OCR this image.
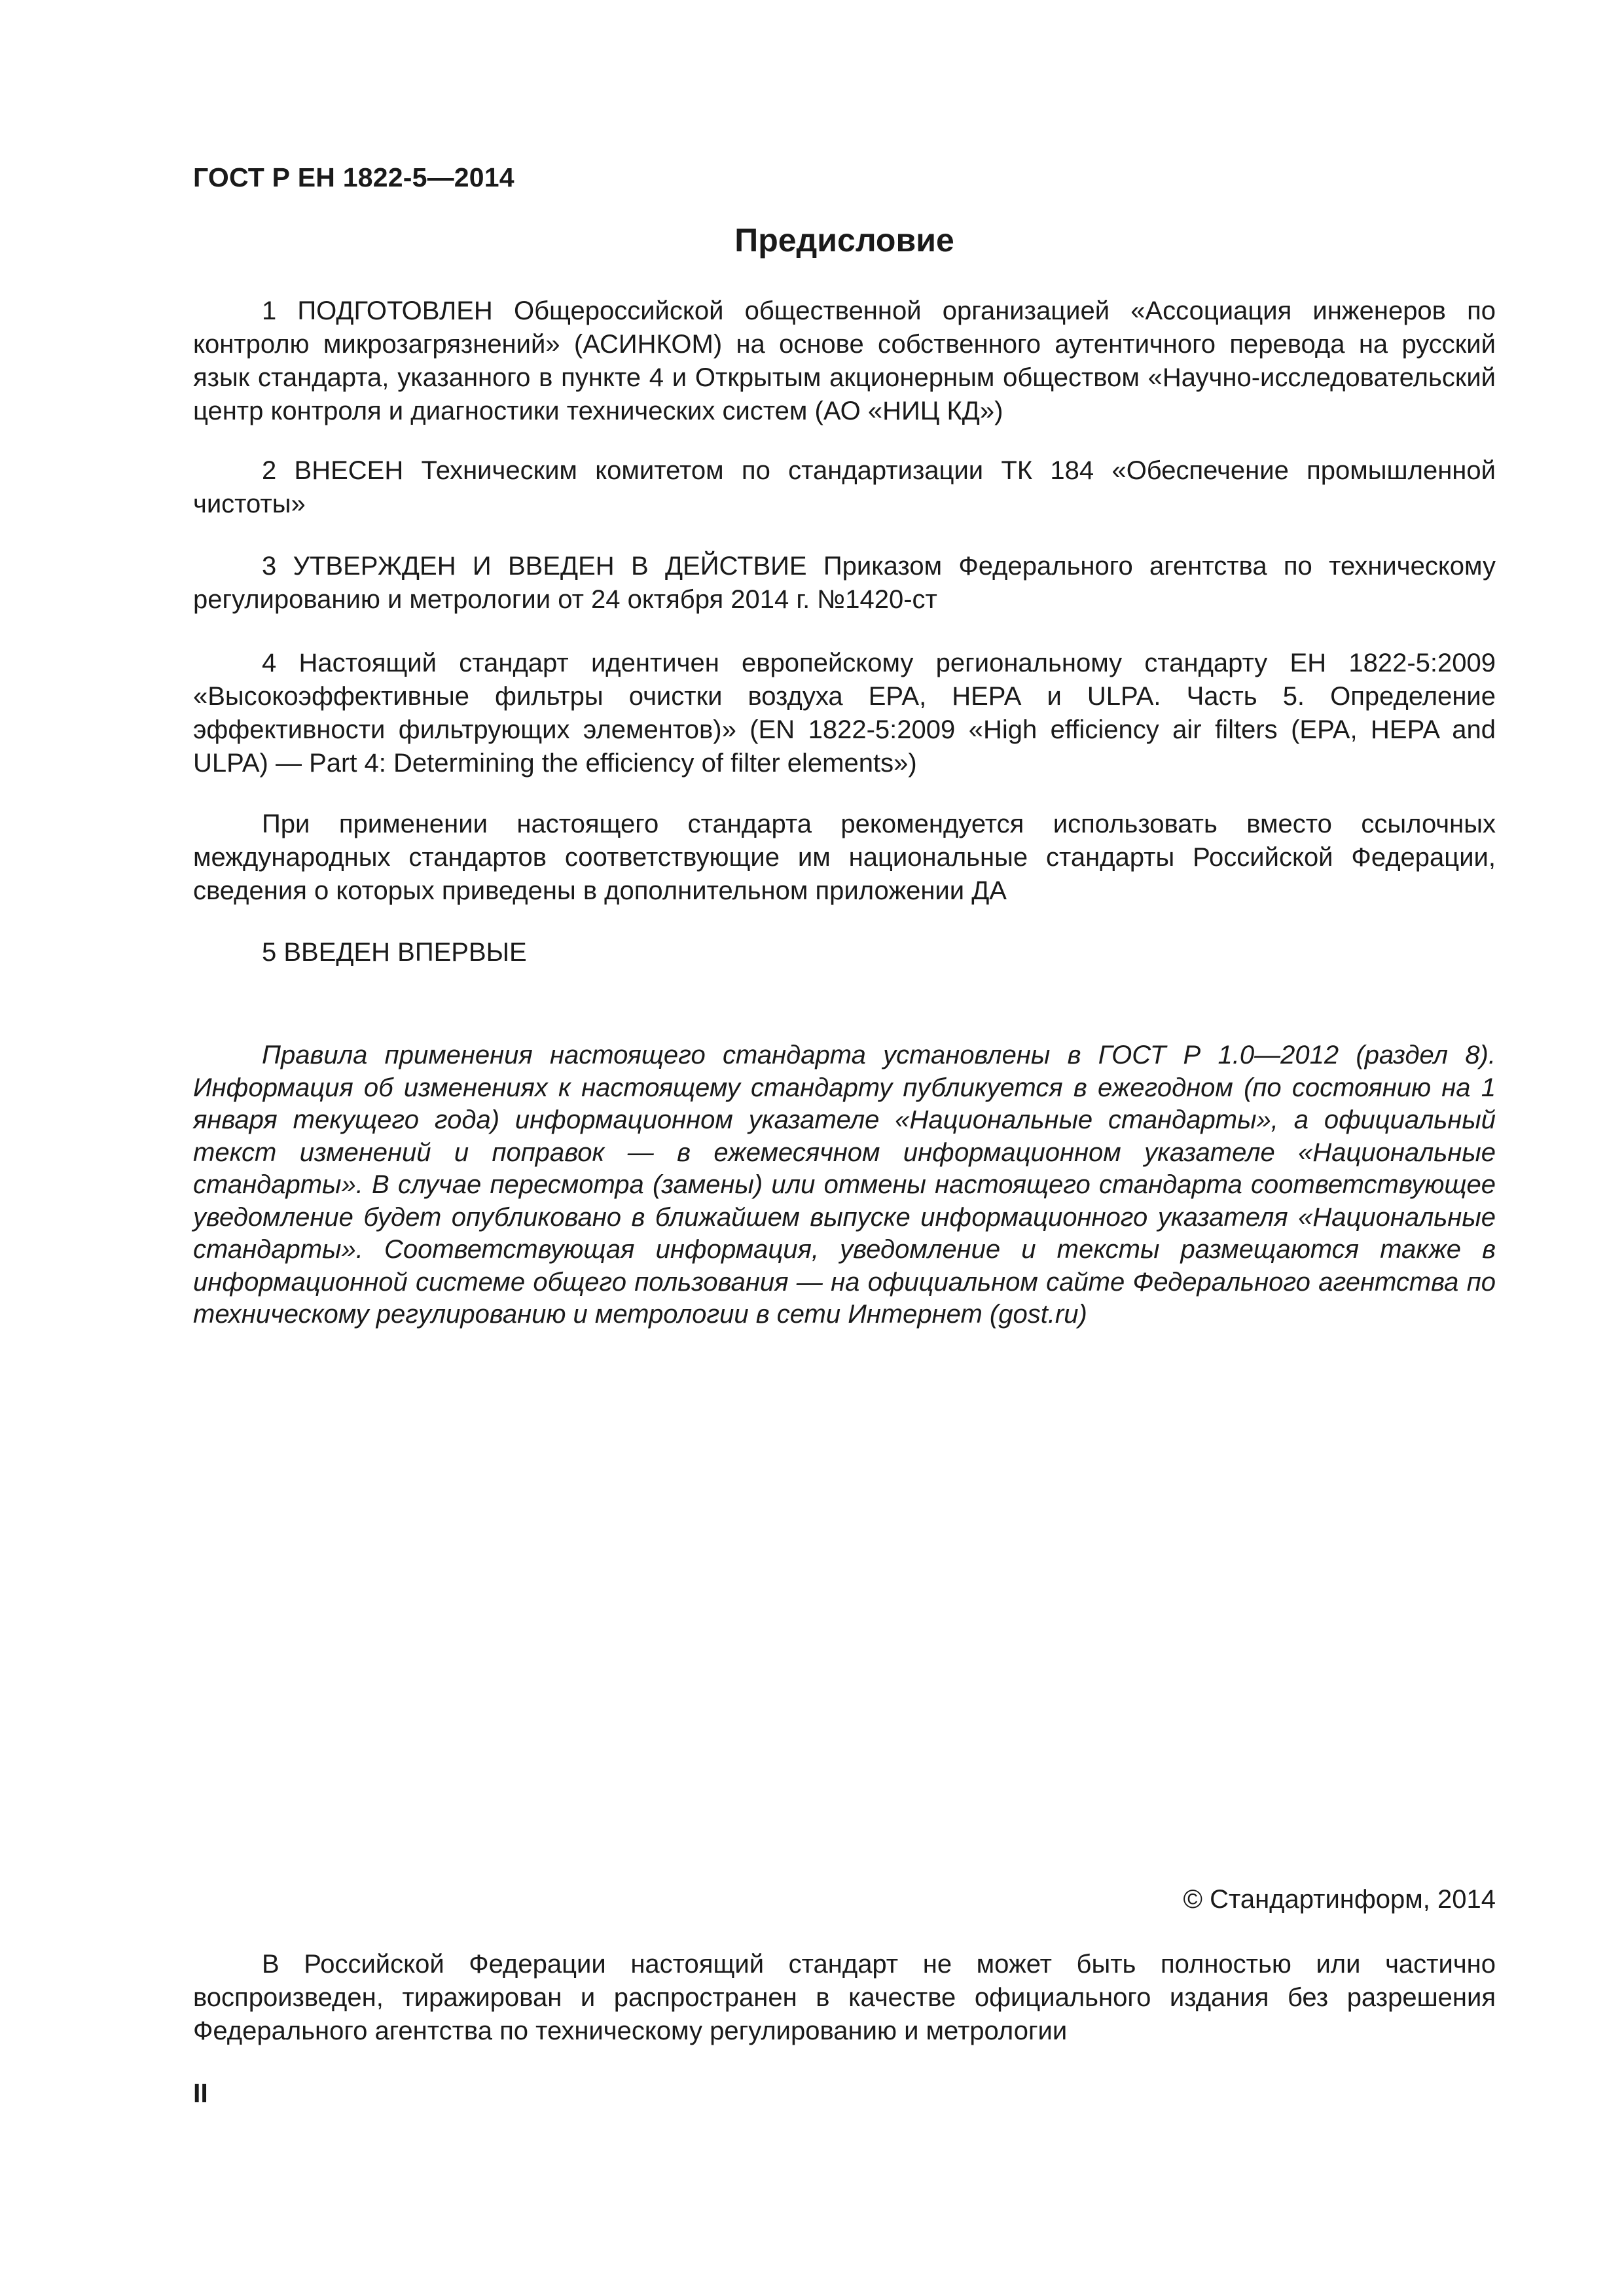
ГОСТ Р ЕН 1822-5—2014
Предисловие

1 ПОДГОТОВЛЕН Общероссийской общественной организацией «Ассоциация инженеров по контролю микрозагрязнений» (АСИНКОМ) на основе собственного аутентичного перевода на русский язык стандарта, указанного в пункте 4 и Открытым акционерным обществом «Научно-исследовательский центр контроля и диагностики технических систем (АО «НИЦ КД»)

2 ВНЕСЕН Техническим комитетом по стандартизации ТК 184 «Обеспечение промышленной чистоты»

3 УТВЕРЖДЕН И ВВЕДЕН В ДЕЙСТВИЕ Приказом Федерального агентства по техническому регулированию и метрологии от 24 октября 2014 г. №1420-ст

4 Настоящий стандарт идентичен европейскому региональному стандарту ЕН 1822-5:2009 «Высокоэффективные фильтры очистки воздуха ЕРА, НЕРА и ULPA. Часть 5. Определение эффективности фильтрующих элементов)» (EN 1822-5:2009 «High efficiency air filters (EPA, HEPA and ULPA) — Part 4: Determining the efficiency of filter elements»)

При применении настоящего стандарта рекомендуется использовать вместо ссылочных международных стандартов соответствующие им национальные стандарты Российской Федерации, сведения о которых приведены в дополнительном приложении ДА

5 ВВЕДЕН ВПЕРВЫЕ

Правила применения настоящего стандарта установлены в ГОСТ Р 1.0—2012 (раздел 8). Информация об изменениях к настоящему стандарту публикуется в ежегодном (по состоянию на 1 января текущего года) информационном указателе «Национальные стандарты», а официальный текст изменений и поправок — в ежемесячном информационном указателе «Национальные стандарты». В случае пересмотра (замены) или отмены настоящего стандарта соответствующее уведомление будет опубликовано в ближайшем выпуске информационного указателя «Национальные стандарты». Соответствующая информация, уведомление и тексты размещаются также в информационной системе общего пользования — на официальном сайте Федерального агентства по техническому регулированию и метрологии в сети Интернет (gost.ru)

© Стандартинформ, 2014

В Российской Федерации настоящий стандарт не может быть полностью или частично воспроизведен, тиражирован и распространен в качестве официального издания без разрешения Федерального агентства по техническому регулированию и метрологии

II
